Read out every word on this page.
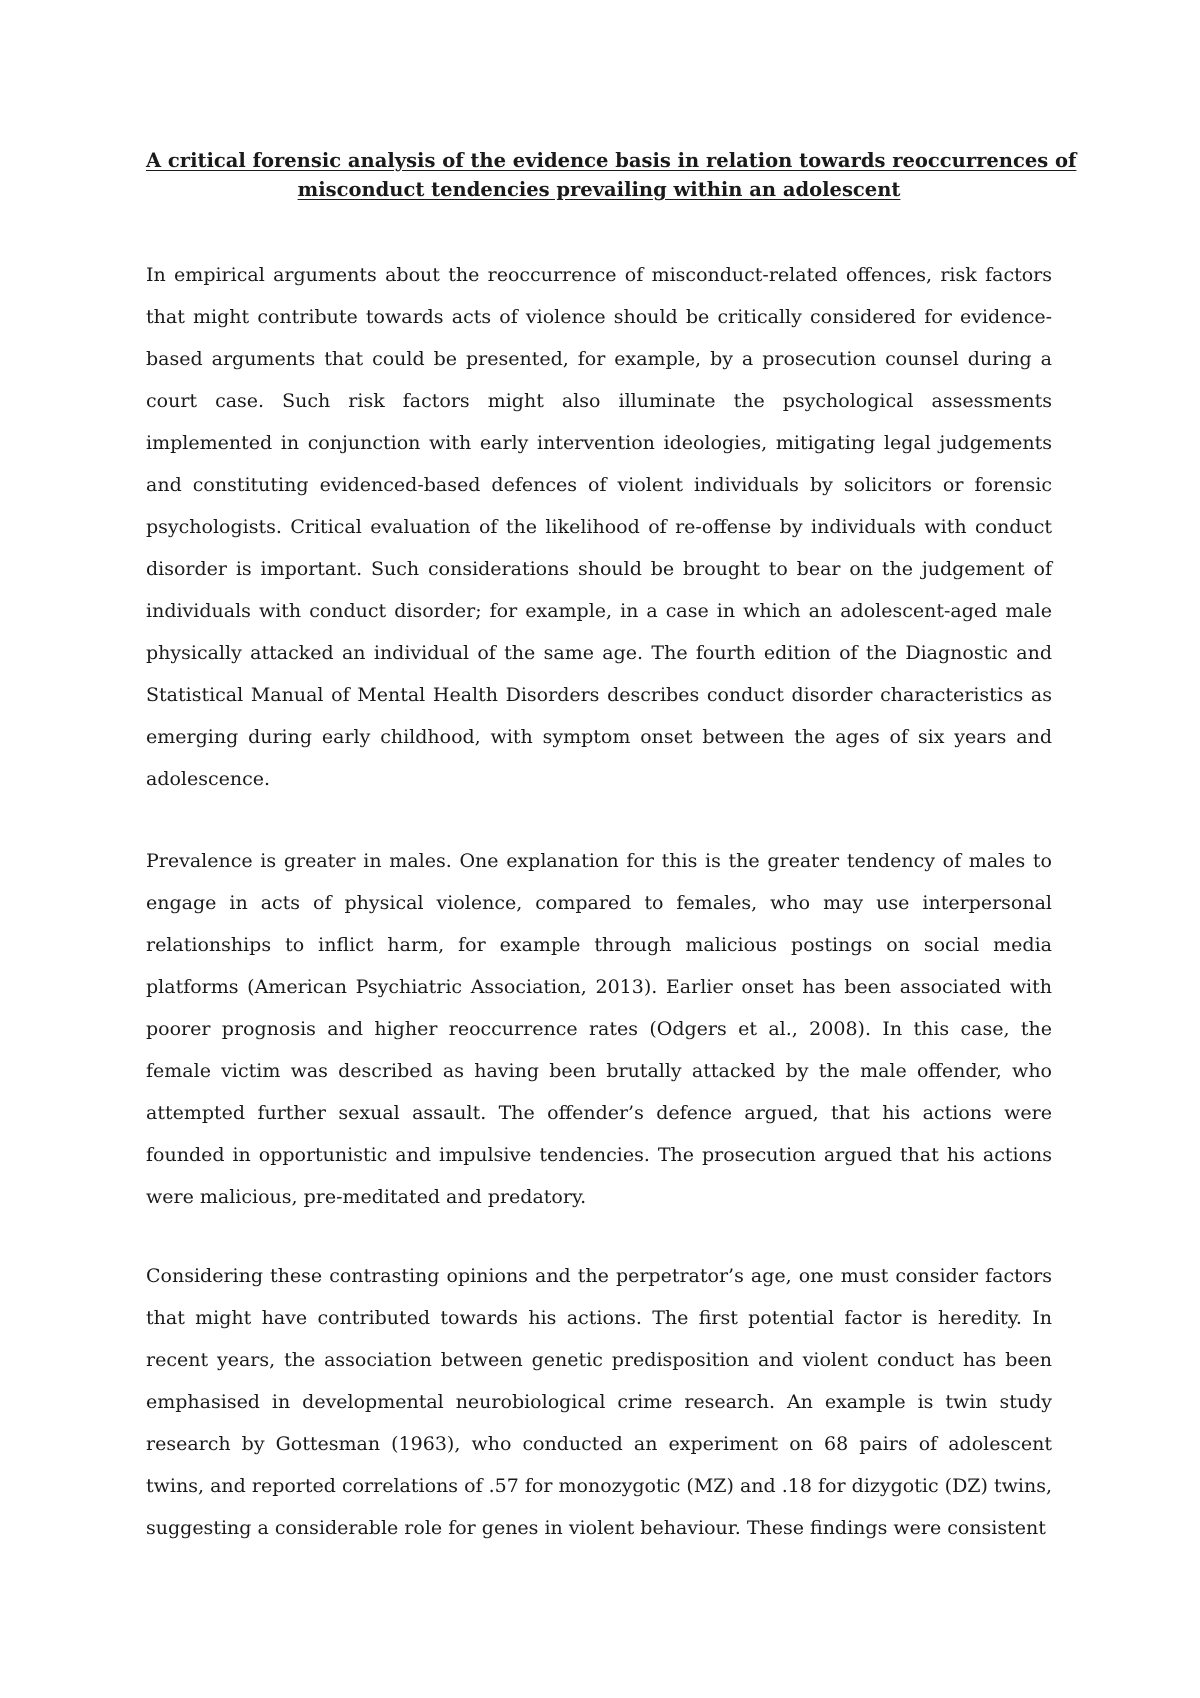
A critical forensic analysis of the evidence basis in relation towards reoccurrences of
misconduct tendencies prevailing within an adolescent

In empirical arguments about the reoccurrence of misconduct-related offences, risk factors that might contribute towards acts of violence should be critically considered for evidence-based arguments that could be presented, for example, by a prosecution counsel during a court case. Such risk factors might also illuminate the psychological assessments implemented in conjunction with early intervention ideologies, mitigating legal judgements and constituting evidenced-based defences of violent individuals by solicitors or forensic psychologists. Critical evaluation of the likelihood of re-offense by individuals with conduct disorder is important. Such considerations should be brought to bear on the judgement of individuals with conduct disorder; for example, in a case in which an adolescent-aged male physically attacked an individual of the same age. The fourth edition of the Diagnostic and Statistical Manual of Mental Health Disorders describes conduct disorder characteristics as emerging during early childhood, with symptom onset between the ages of six years and adolescence.

Prevalence is greater in males. One explanation for this is the greater tendency of males to engage in acts of physical violence, compared to females, who may use interpersonal relationships to inflict harm, for example through malicious postings on social media platforms (American Psychiatric Association, 2013). Earlier onset has been associated with poorer prognosis and higher reoccurrence rates (Odgers et al., 2008). In this case, the female victim was described as having been brutally attacked by the male offender, who attempted further sexual assault. The offender’s defence argued, that his actions were founded in opportunistic and impulsive tendencies. The prosecution argued that his actions were malicious, pre-meditated and predatory.

Considering these contrasting opinions and the perpetrator’s age, one must consider factors that might have contributed towards his actions. The first potential factor is heredity. In recent years, the association between genetic predisposition and violent conduct has been emphasised in developmental neurobiological crime research. An example is twin study research by Gottesman (1963), who conducted an experiment on 68 pairs of adolescent twins, and reported correlations of .57 for monozygotic (MZ) and .18 for dizygotic (DZ) twins, suggesting a considerable role for genes in violent behaviour. These findings were consistent
